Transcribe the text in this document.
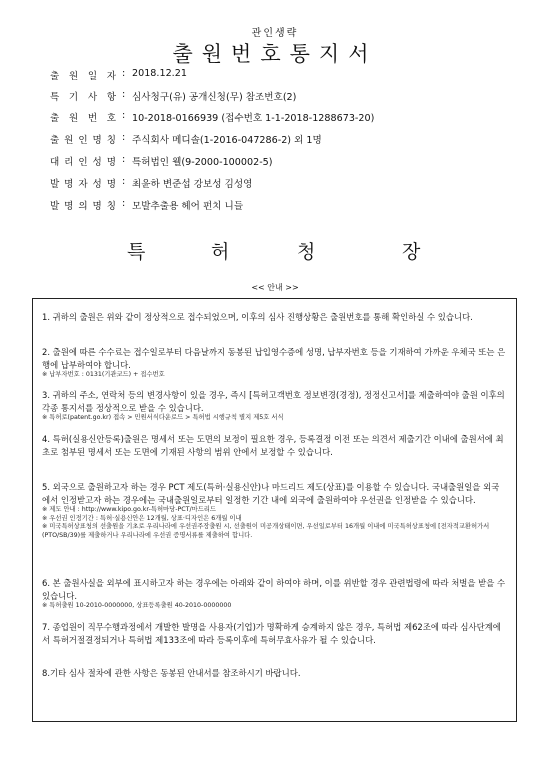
관인생략
출원번호통지서
출 원 일 자 : 2018.12.21
특 기 사 항 : 심사청구(유) 공개신청(무) 참조번호(2)
출 원 번 호 : 10-2018-0166939 (접수번호 1-1-2018-1288673-20)
출 원 인 명 칭 : 주식회사 메디솔(1-2016-047286-2) 외 1명
대 리 인 성 명 : 특허법인 웰(9-2000-100002-5)
발 명 자 성 명 : 최윤하 변준섭 강보성 김성영
발 명 의 명 칭 : 모발추출용 헤어 펀치 니들
특	허	청	장
<< 안내 >>

1. 귀하의 출원은 위와 같이 정상적으로 접수되었으며, 이후의 심사 진행상황은 출원번호를 통해 확인하실 수 있습니다.

2. 출원에 따른 수수료는 접수일로부터 다음날까지 동봉된 납입영수증에 성명, 납부자번호 등을 기재하여 가까운 우체국 또는 은행에 납부하여야 합니다.

※ 납부자번호 : 0131(기관코드) + 접수번호

3. 귀하의 주소, 연락처 등의 변경사항이 있을 경우, 즉시 [특허고객번호 정보변경(경정), 정정신고서]를 제출하여야 출원 이후의 각종 통지서를 정상적으로 받을 수 있습니다.

※ 특허로(patent.go.kr) 접속 > 민원서식다운로드 > 특허법 시행규칙 별지 제5호 서식

4. 특허(실용신안등록)출원은 명세서 또는 도면의 보정이 필요한 경우, 등록결정 이전 또는 의견서 제출기간 이내에 출원서에 최초로 첨부된 명세서 또는 도면에 기재된 사항의 범위 안에서 보정할 수 있습니다.

5. 외국으로 출원하고자 하는 경우 PCT 제도(특허·실용신안)나 마드리드 제도(상표)를 이용할 수 있습니다. 국내출원일을 외국에서 인정받고자 하는 경우에는 국내출원일로부터 일정한 기간 내에 외국에 출원하여야 우선권을 인정받을 수 있습니다.

※ 제도 안내 : http://www.kipo.go.kr-특허마당-PCT/마드리드

※ 우선권 인정기간 : 특허·실용신안은 12개월, 상표·디자인은 6개월 이내

※ 미국특허상표청의 선출원을 기초로 우리나라에 우선권주장출원 시, 선출원이 미공개상태이면, 우선일로부터 16개월 이내에 미국특허상표청에 [전자적교환허가서(PTO/SB/39)를 제출하거나 우리나라에 우선권 증명서류를 제출하여 합니다.

6. 본 출원사실을 외부에 표시하고자 하는 경우에는 아래와 같이 하여야 하며, 이를 위반할 경우 관련법령에 따라 처벌을 받을 수 있습니다.

※ 특허출원 10-2010-0000000, 상표등록출원 40-2010-0000000

7. 종업원이 직무수행과정에서 개발한 발명을 사용자(기업)가 명확하게 승계하지 않은 경우, 특허법 제62조에 따라 심사단계에서 특허거절결정되거나 특허법 제133조에 따라 등록이후에 특허무효사유가 될 수 있습니다.

8.기타 심사 절차에 관한 사항은 동봉된 안내서를 참조하시기 바랍니다.
